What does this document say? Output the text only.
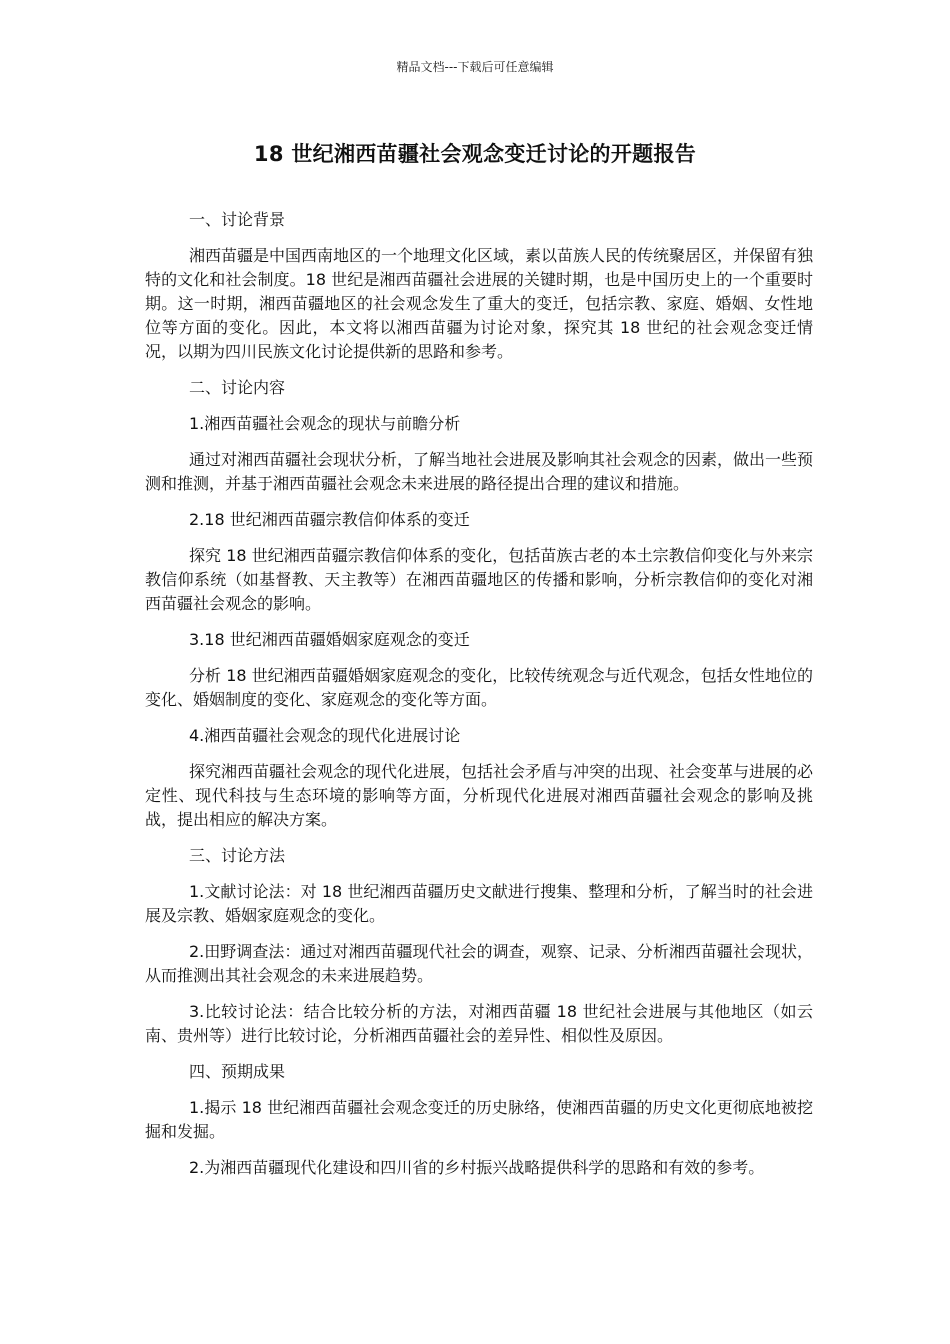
精品文档---下载后可任意编辑
18 世纪湘西苗疆社会观念变迁讨论的开题报告

一、讨论背景

湘西苗疆是中国西南地区的一个地理文化区域，素以苗族人民的传统聚居区，并保留有独特的文化和社会制度。18 世纪是湘西苗疆社会进展的关键时期，也是中国历史上的一个重要时期。这一时期，湘西苗疆地区的社会观念发生了重大的变迁，包括宗教、家庭、婚姻、女性地位等方面的变化。因此，本文将以湘西苗疆为讨论对象，探究其 18 世纪的社会观念变迁情况，以期为四川民族文化讨论提供新的思路和参考。

二、讨论内容

1.湘西苗疆社会观念的现状与前瞻分析

通过对湘西苗疆社会现状分析，了解当地社会进展及影响其社会观念的因素，做出一些预测和推测，并基于湘西苗疆社会观念未来进展的路径提出合理的建议和措施。

2.18 世纪湘西苗疆宗教信仰体系的变迁

探究 18 世纪湘西苗疆宗教信仰体系的变化，包括苗族古老的本土宗教信仰变化与外来宗教信仰系统（如基督教、天主教等）在湘西苗疆地区的传播和影响，分析宗教信仰的变化对湘西苗疆社会观念的影响。

3.18 世纪湘西苗疆婚姻家庭观念的变迁

分析 18 世纪湘西苗疆婚姻家庭观念的变化，比较传统观念与近代观念，包括女性地位的变化、婚姻制度的变化、家庭观念的变化等方面。

4.湘西苗疆社会观念的现代化进展讨论

探究湘西苗疆社会观念的现代化进展，包括社会矛盾与冲突的出现、社会变革与进展的必定性、现代科技与生态环境的影响等方面，分析现代化进展对湘西苗疆社会观念的影响及挑战，提出相应的解决方案。

三、讨论方法

1.文献讨论法：对 18 世纪湘西苗疆历史文献进行搜集、整理和分析，了解当时的社会进展及宗教、婚姻家庭观念的变化。

2.田野调查法：通过对湘西苗疆现代社会的调查，观察、记录、分析湘西苗疆社会现状，从而推测出其社会观念的未来进展趋势。

3.比较讨论法：结合比较分析的方法，对湘西苗疆 18 世纪社会进展与其他地区（如云南、贵州等）进行比较讨论，分析湘西苗疆社会的差异性、相似性及原因。

四、预期成果

1.揭示 18 世纪湘西苗疆社会观念变迁的历史脉络，使湘西苗疆的历史文化更彻底地被挖掘和发掘。

2.为湘西苗疆现代化建设和四川省的乡村振兴战略提供科学的思路和有效的参考。
